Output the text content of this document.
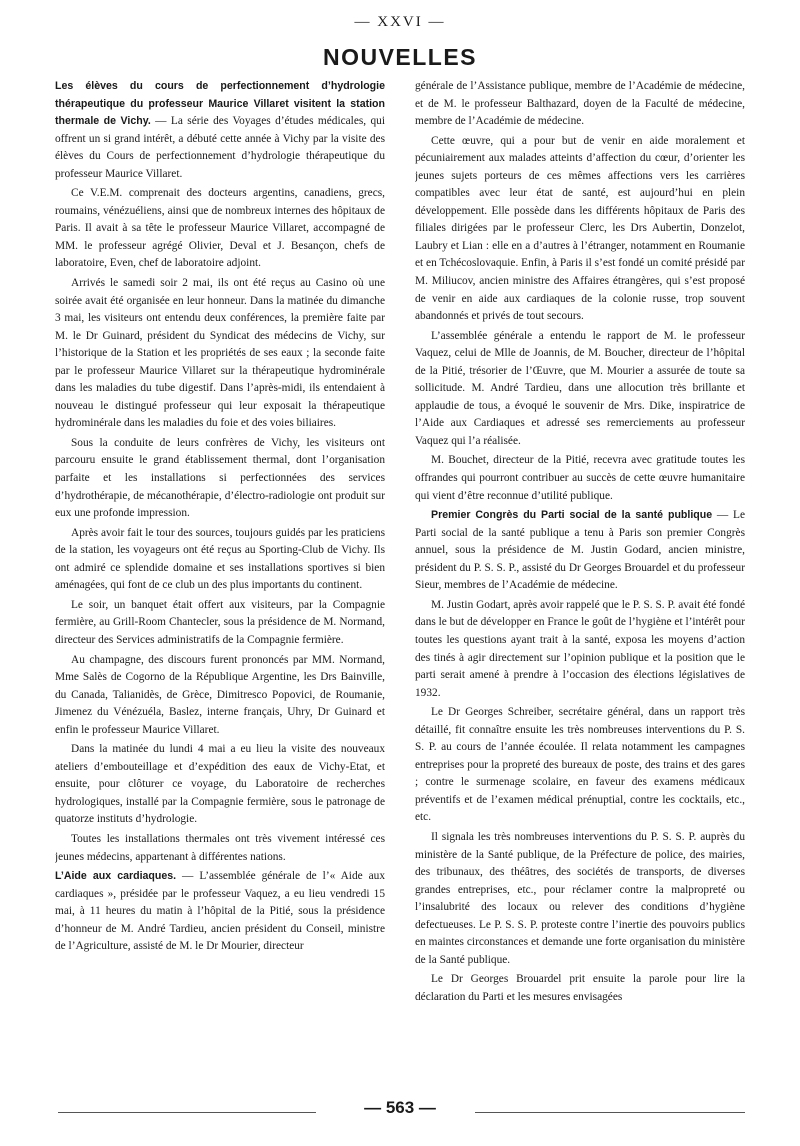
— XXVI —
NOUVELLES

Les élèves du cours de perfectionnement d’hydrologie thérapeutique du professeur Maurice Villaret visitent la station thermale de Vichy. — La série des Voyages d’études médicales, qui offrent un si grand intérêt, a débuté cette année à Vichy par la visite des élèves du Cours de perfectionnement d’hydrologie thérapeutique du professeur Maurice Villaret.

Ce V.E.M. comprenait des docteurs argentins, canadiens, grecs, roumains, vénézuéliens, ainsi que de nombreux internes des hôpitaux de Paris. Il avait à sa tête le professeur Maurice Villaret, accompagné de MM. le professeur agrégé Olivier, Deval et J. Besançon, chefs de laboratoire, Even, chef de laboratoire adjoint.

Arrivés le samedi soir 2 mai, ils ont été reçus au Casino où une soirée avait été organisée en leur honneur. Dans la matinée du dimanche 3 mai, les visiteurs ont entendu deux conférences, la première faite par M. le Dr Guinard, président du Syndicat des médecins de Vichy, sur l’historique de la Station et les propriétés de ses eaux ; la seconde faite par le professeur Maurice Villaret sur la thérapeutique hydrominérale dans les maladies du tube digestif. Dans l’après-midi, ils entendaient à nouveau le distingué professeur qui leur exposait la thérapeutique hydrominérale dans les maladies du foie et des voies biliaires.

Sous la conduite de leurs confrères de Vichy, les visiteurs ont parcouru ensuite le grand établissement thermal, dont l’organisation parfaite et les installations si perfectionnées des services d’hydrothérapie, de mécanothérapie, d’électro-radiologie ont produit sur eux une profonde impression.

Après avoir fait le tour des sources, toujours guidés par les praticiens de la station, les voyageurs ont été reçus au Sporting-Club de Vichy. Ils ont admiré ce splendide domaine et ses installations sportives si bien aménagées, qui font de ce club un des plus importants du continent.

Le soir, un banquet était offert aux visiteurs, par la Compagnie fermière, au Grill-Room Chantecler, sous la présidence de M. Normand, directeur des Services administratifs de la Compagnie fermière.

Au champagne, des discours furent prononcés par MM. Normand, Mme Salès de Cogorno de la République Argentine, les Drs Bainville, du Canada, Talianidès, de Grèce, Dimitresco Popovici, de Roumanie, Jimenez du Vénézuéla, Baslez, interne français, Uhry, Dr Guinard et enfin le professeur Maurice Villaret.

Dans la matinée du lundi 4 mai a eu lieu la visite des nouveaux ateliers d’embouteillage et d’expédition des eaux de Vichy-Etat, et ensuite, pour clôturer ce voyage, du Laboratoire de recherches hydrologiques, installé par la Compagnie fermière, sous le patronage de quatorze instituts d’hydrologie.

Toutes les installations thermales ont très vivement intéressé ces jeunes médecins, appartenant à différentes nations.

L’Aide aux cardiaques. — L’assemblée générale de l’« Aide aux cardiaques », présidée par le professeur Vaquez, a eu lieu vendredi 15 mai, à 11 heures du matin à l’hôpital de la Pitié, sous la présidence d’honneur de M. André Tardieu, ancien président du Conseil, ministre de l’Agriculture, assisté de M. le Dr Mourier, directeur

générale de l’Assistance publique, membre de l’Académie de médecine, et de M. le professeur Balthazard, doyen de la Faculté de médecine, membre de l’Académie de médecine.

Cette œuvre, qui a pour but de venir en aide moralement et pécuniairement aux malades atteints d’affection du cœur, d’orienter les jeunes sujets porteurs de ces mêmes affections vers les carrières compatibles avec leur état de santé, est aujourd’hui en plein développement. Elle possède dans les différents hôpitaux de Paris des filiales dirigées par le professeur Clerc, les Drs Aubertin, Donzelot, Laubry et Lian : elle en a d’autres à l’étranger, notamment en Roumanie et en Tchécoslovaquie. Enfin, à Paris il s’est fondé un comité présidé par M. Miliucov, ancien ministre des Affaires étrangères, qui s’est proposé de venir en aide aux cardiaques de la colonie russe, trop souvent abandonnés et privés de tout secours.

L’assemblée générale a entendu le rapport de M. le professeur Vaquez, celui de Mlle de Joannis, de M. Boucher, directeur de l’hôpital de la Pitié, trésorier de l’Œuvre, que M. Mourier a assurée de toute sa sollicitude. M. André Tardieu, dans une allocution très brillante et applaudie de tous, a évoqué le souvenir de Mrs. Dike, inspiratrice de l’Aide aux Cardiaques et adressé ses remerciements au professeur Vaquez qui l’a réalisée.

M. Bouchet, directeur de la Pitié, recevra avec gratitude toutes les offrandes qui pourront contribuer au succès de cette œuvre humanitaire qui vient d’être reconnue d’utilité publique.

Premier Congrès du Parti social de la santé publique — Le Parti social de la santé publique a tenu à Paris son premier Congrès annuel, sous la présidence de M. Justin Godard, ancien ministre, président du P. S. S. P., assisté du Dr Georges Brouardel et du professeur Sieur, membres de l’Académie de médecine.

M. Justin Godart, après avoir rappelé que le P. S. S. P. avait été fondé dans le but de développer en France le goût de l’hygiène et l’intérêt pour toutes les questions ayant trait à la santé, exposa les moyens d’action des tinés à agir directement sur l’opinion publique et la position que le parti serait amené à prendre à l’occasion des élections législatives de 1932.

Le Dr Georges Schreiber, secrétaire général, dans un rapport très détaillé, fit connaître ensuite les très nombreuses interventions du P. S. S. P. au cours de l’année écoulée. Il relata notamment les campagnes entreprises pour la propreté des bureaux de poste, des trains et des gares ; contre le surmenage scolaire, en faveur des examens médicaux préventifs et de l’examen médical prénuptial, contre les cocktails, etc., etc.

Il signala les très nombreuses interventions du P. S. S. P. auprès du ministère de la Santé publique, de la Préfecture de police, des mairies, des tribunaux, des théâtres, des sociétés de transports, de diverses grandes entreprises, etc., pour réclamer contre la malpropreté ou l’insalubrité des locaux ou relever des conditions d’hygiène defectueuses. Le P. S. S. P. proteste contre l’inertie des pouvoirs publics en maintes circonstances et demande une forte organisation du ministère de la Santé publique.

Le Dr Georges Brouardel prit ensuite la parole pour lire la déclaration du Parti et les mesures envisagées

— 563 —
